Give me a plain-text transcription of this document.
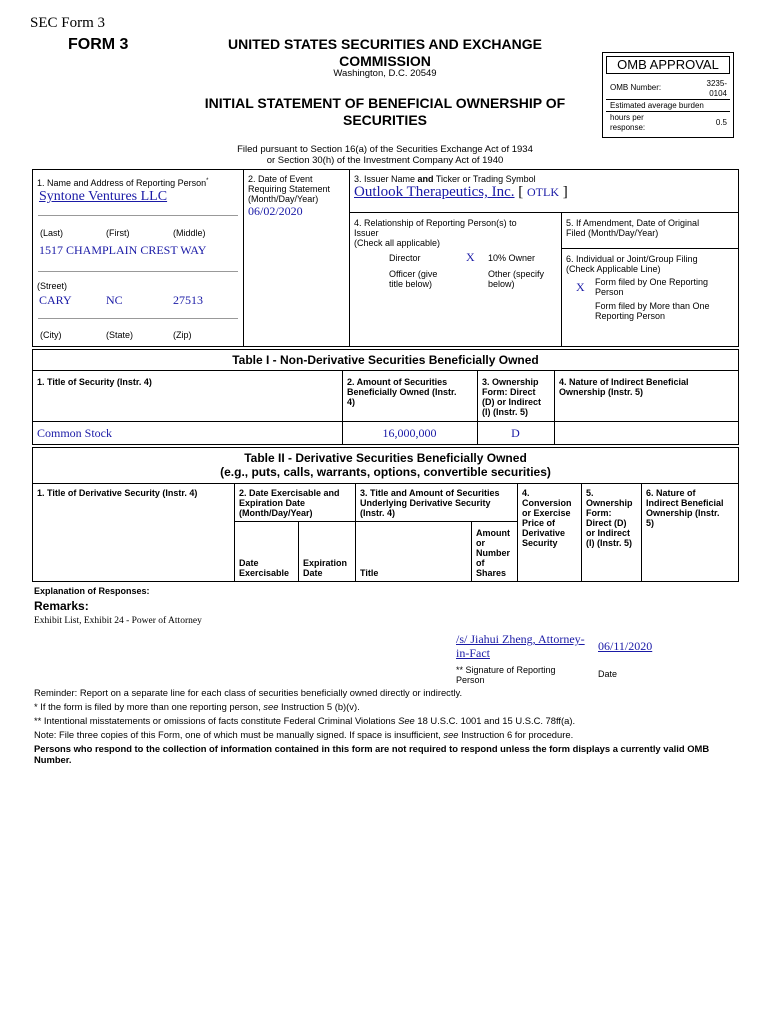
SEC Form 3
FORM 3	UNITED STATES SECURITIES AND EXCHANGE
COMMISSION
Washington, D.C. 20549
INITIAL STATEMENT OF BENEFICIAL OWNERSHIP OF
SECURITIES
Filed pursuant to Section 16(a) of the Securities Exchange Act of 1934
or Section 30(h) of the Investment Company Act of 1940
OMB APPROVAL
OMB Number:	3235-
0104
Estimated average burden
hours per
response:
0.5
1. Name and Address of Reporting Person*
Syntone Ventures LLC
(Last)	(First)	(Middle)
1517 CHAMPLAIN CREST WAY
(Street)
CARY	NC	27513
(City)	(State)	(Zip)
2. Date of Event
Requiring Statement
(Month/Day/Year)
06/02/2020
3. Issuer Name and Ticker or Trading Symbol
Outlook Therapeutics, Inc. [ OTLK ]
4. Relationship of Reporting Person(s) to
Issuer
(Check all applicable)
Director	X 10% Owner
Officer (give
title below)
Other (specify
below)
5. If Amendment, Date of Original
Filed (Month/Day/Year)
6. Individual or Joint/Group Filing
(Check Applicable Line)
X Form filed by One Reporting
Person
Form filed by More than One
Reporting Person
Table I - Non-Derivative Securities Beneficially Owned
1. Title of Security (Instr. 4)	2. Amount of Securities
Beneficially Owned (Instr.
4)
3. Ownership
Form: Direct
(D) or Indirect
(I) (Instr. 5)
4. Nature of Indirect Beneficial
Ownership (Instr. 5)
Common Stock	16,000,000	D
Table II - Derivative Securities Beneficially Owned
(e.g., puts, calls, warrants, options, convertible securities)
1. Title of Derivative Security (Instr. 4)	2. Date Exercisable and
Expiration Date
(Month/Day/Year)
3. Title and Amount of Securities
Underlying Derivative Security
(Instr. 4)
4.
Conversion
or Exercise
Price of
Derivative
Security
5.
Ownership
Form:
Direct (D)
or Indirect
(I) (Instr. 5)
6. Nature of
Indirect Beneficial
Ownership (Instr.
5)
Date
Exercisable
Expiration
Date	Title
Amount
or
Number
of
Shares
Explanation of Responses:
Remarks:
Exhibit List, Exhibit 24 - Power of Attorney
/s/ Jiahui Zheng, Attorney-
in-Fact	06/11/2020
** Signature of Reporting
Person
Date
Reminder: Report on a separate line for each class of securities beneficially owned directly or indirectly.
* If the form is filed by more than one reporting person, see Instruction 5 (b)(v).
** Intentional misstatements or omissions of facts constitute Federal Criminal Violations See 18 U.S.C. 1001 and 15 U.S.C. 78ff(a).
Note: File three copies of this Form, one of which must be manually signed. If space is insufficient, see Instruction 6 for procedure.
Persons who respond to the collection of information contained in this form are not required to respond unless the form displays a currently valid OMB
Number.
